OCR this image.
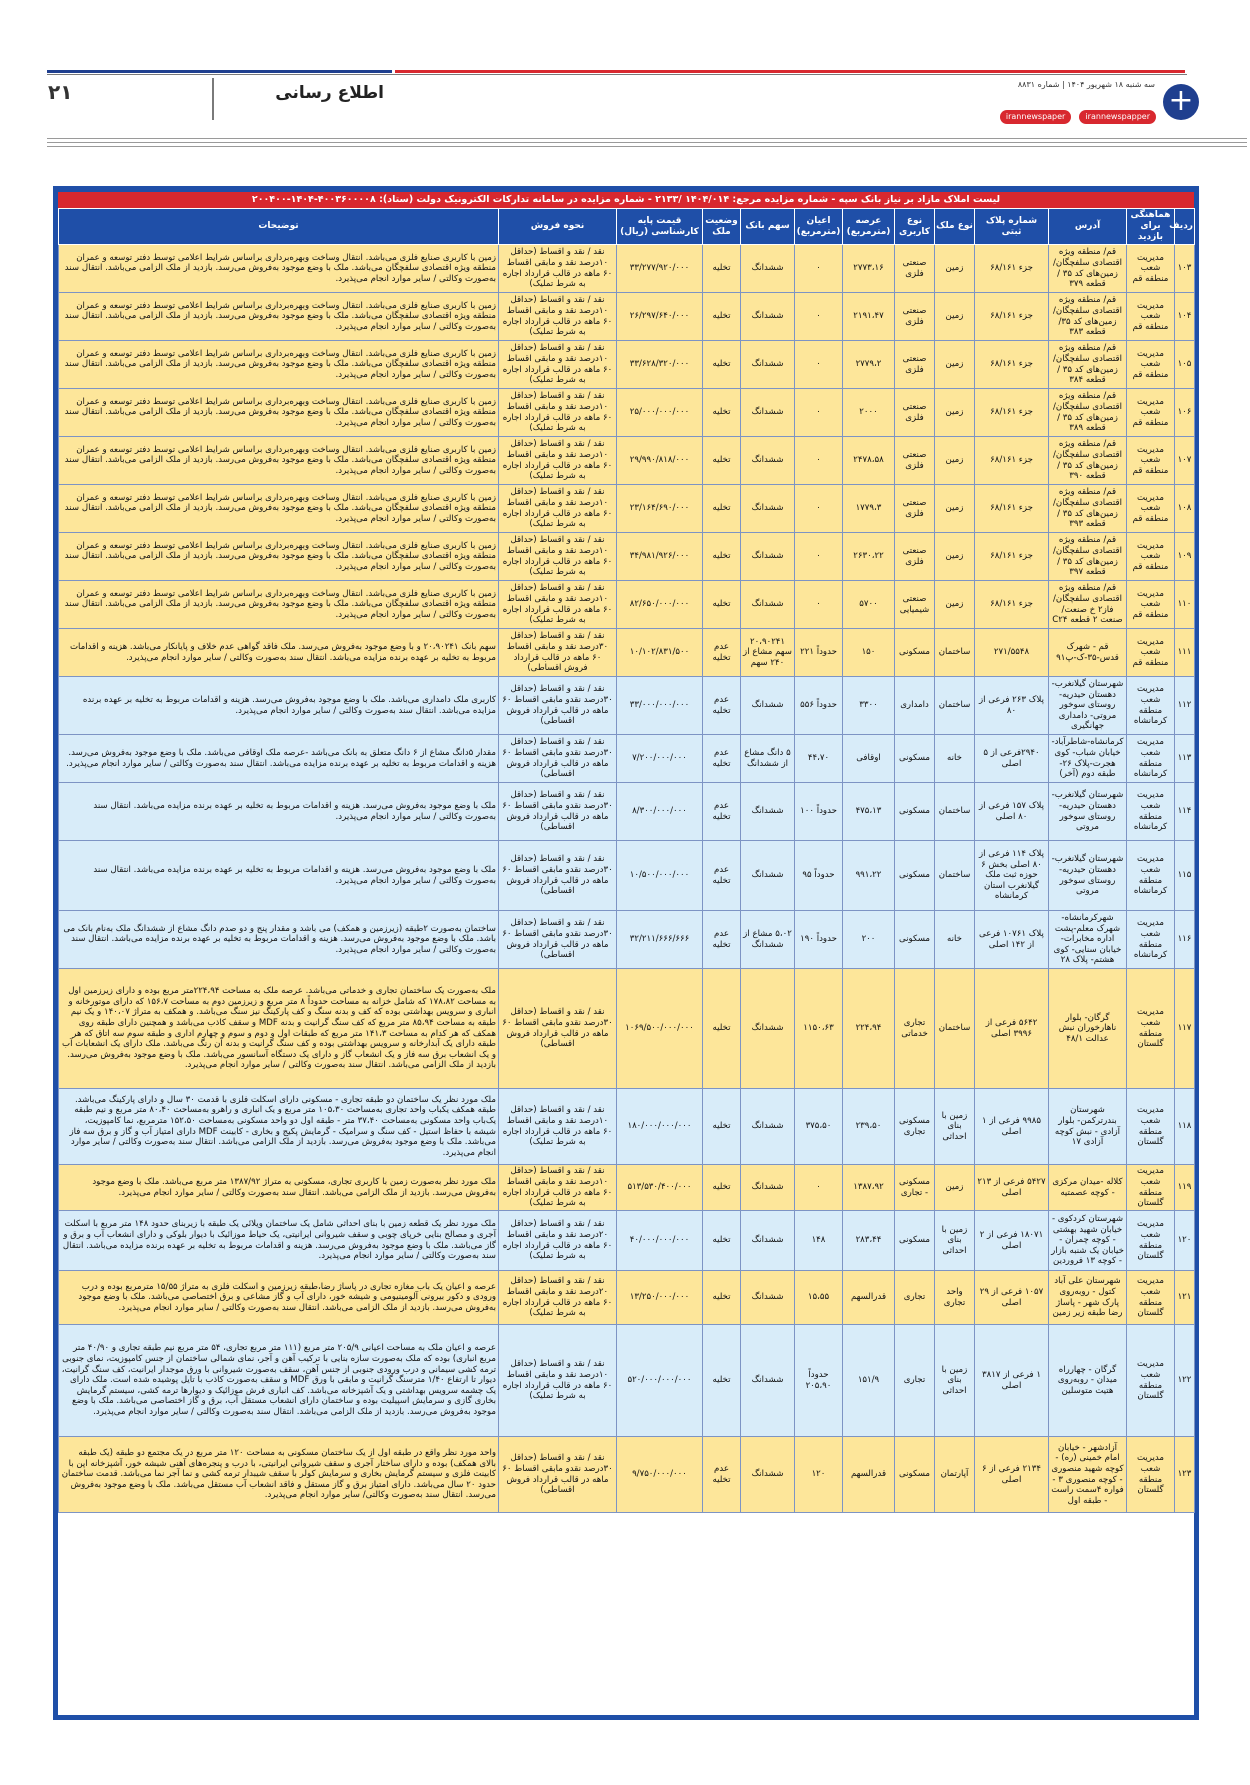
۲۱	اطلاع رسانی	+
سه شنبه ۱۸ شهریور ۱۴۰۴ | شماره ۸۸۳۱
irannewspapper irannewspaper
لیست املاک مازاد بر نیاز بانک سپه - شماره مزایده مرجع: ۱۴۰۴/۰۱۴ /۲۱۳۳ - شماره مزایده در سامانه تدارکات الکترونیک دولت (ستاد): ۴۰۰۳۶۰۰۰۰۸-۱۴۰۴-۲۰۰۴۰۰
ردیف	هماهنگی برای بازدید	آدرس	شماره پلاک ثبتی	نوع ملک	نوع کاربری	عرصه (مترمربع)	اعیان (مترمربع)	سهم بانک	وضعیت ملک	قیمت پایه کارشناسی (ریال)	نحوه فروش	توضیحات
۱۰۳	مدیریت شعب منطقه قم	قم/ منطقه ویژه اقتصادی سلفچگان/ زمین‌های کد ۳۵ / قطعه ۳۷۹	جزء ۶۸/۱۶۱	زمین	صنعتی فلزی	۲۷۷۳،۱۶	۰	ششدانگ	تخلیه	۳۳/۲۷۷/۹۲۰/۰۰۰	نقد / نقد و اقساط (حداقل ۱۰درصد نقد و مابقی اقساط ۶۰ ماهه در قالب قرارداد اجاره به شرط تملیک)	زمین با کاربری صنایع فلزی می‌باشد. انتقال وساخت وبهره‌برداری براساس شرایط اعلامی توسط دفتر توسعه و عمران منطقه ویژه اقتصادی سلفچگان می‌باشد. ملک با وضع موجود به‌فروش می‌رسد. بازدید از ملک الزامی می‌باشد. انتقال سند به‌صورت وکالتی / سایر موارد انجام می‌پذیرد.
۱۰۴	مدیریت شعب منطقه قم	قم/ منطقه ویژه اقتصادی سلفچگان/ زمین‌های کد ۳۵/ قطعه ۳۸۳	جزء ۶۸/۱۶۱	زمین	صنعتی فلزی	۲۱۹۱،۴۷	۰	ششدانگ	تخلیه	۲۶/۲۹۷/۶۴۰/۰۰۰	نقد / نقد و اقساط (حداقل ۱۰درصد نقد و مابقی اقساط ۶۰ ماهه در قالب قرارداد اجاره به شرط تملیک)	زمین با کاربری صنایع فلزی می‌باشد. انتقال وساخت وبهره‌برداری براساس شرایط اعلامی توسط دفتر توسعه و عمران منطقه ویژه اقتصادی سلفچگان می‌باشد. ملک با وضع موجود به‌فروش می‌رسد. بازدید از ملک الزامی می‌باشد. انتقال سند به‌صورت وکالتی / سایر موارد انجام می‌پذیرد.
۱۰۵	مدیریت شعب منطقه قم	قم/ منطقه ویژه اقتصادی سلفچگان/ زمین‌های کد ۳۵ / قطعه ۳۸۴	جزء ۶۸/۱۶۱	زمین	صنعتی فلزی	۲۷۷۹،۲	۰	ششدانگ	تخلیه	۳۳/۶۲۸/۳۲۰/۰۰۰	نقد / نقد و اقساط (حداقل ۱۰درصد نقد و مابقی اقساط ۶۰ ماهه در قالب قرارداد اجاره به شرط تملیک)	زمین با کاربری صنایع فلزی می‌باشد. انتقال وساخت وبهره‌برداری براساس شرایط اعلامی توسط دفتر توسعه و عمران منطقه ویژه اقتصادی سلفچگان می‌باشد. ملک با وضع موجود به‌فروش می‌رسد. بازدید از ملک الزامی می‌باشد. انتقال سند به‌صورت وکالتی / سایر موارد انجام می‌پذیرد.
۱۰۶	مدیریت شعب منطقه قم	قم/ منطقه ویژه اقتصادی سلفچگان/ زمین‌های کد ۳۵ / قطعه ۳۸۹	جزء ۶۸/۱۶۱	زمین	صنعتی فلزی	۲۰۰۰	۰	ششدانگ	تخلیه	۲۵/۰۰۰/۰۰۰/۰۰۰	نقد / نقد و اقساط (حداقل ۱۰درصد نقد و مابقی اقساط ۶۰ ماهه در قالب قرارداد اجاره به شرط تملیک)	زمین با کاربری صنایع فلزی می‌باشد. انتقال وساخت وبهره‌برداری براساس شرایط اعلامی توسط دفتر توسعه و عمران منطقه ویژه اقتصادی سلفچگان می‌باشد. ملک با وضع موجود به‌فروش می‌رسد. بازدید از ملک الزامی می‌باشد. انتقال سند به‌صورت وکالتی / سایر موارد انجام می‌پذیرد.
۱۰۷	مدیریت شعب منطقه قم	قم/ منطقه ویژه اقتصادی سلفچگان/ زمین‌های کد ۳۵ / قطعه ۳۹۰	جزء ۶۸/۱۶۱	زمین	صنعتی فلزی	۲۴۷۸،۵۸	۰	ششدانگ	تخلیه	۲۹/۹۹۰/۸۱۸/۰۰۰	نقد / نقد و اقساط (حداقل ۱۰درصد نقد و مابقی اقساط ۶۰ ماهه در قالب قرارداد اجاره به شرط تملیک)	زمین با کاربری صنایع فلزی می‌باشد. انتقال وساخت وبهره‌برداری براساس شرایط اعلامی توسط دفتر توسعه و عمران منطقه ویژه اقتصادی سلفچگان می‌باشد. ملک با وضع موجود به‌فروش می‌رسد. بازدید از ملک الزامی می‌باشد. انتقال سند به‌صورت وکالتی / سایر موارد انجام می‌پذیرد.
۱۰۸	مدیریت شعب منطقه قم	قم/ منطقه ویژه اقتصادی سلفچگان/ زمین‌های کد ۳۵ / قطعه ۳۹۳	جزء ۶۸/۱۶۱	زمین	صنعتی فلزی	۱۷۷۹،۳	۰	ششدانگ	تخلیه	۲۳/۱۶۴/۶۹۰/۰۰۰	نقد / نقد و اقساط (حداقل ۱۰درصد نقد و مابقی اقساط ۶۰ ماهه در قالب قرارداد اجاره به شرط تملیک)	زمین با کاربری صنایع فلزی می‌باشد. انتقال وساخت وبهره‌برداری براساس شرایط اعلامی توسط دفتر توسعه و عمران منطقه ویژه اقتصادی سلفچگان می‌باشد. ملک با وضع موجود به‌فروش می‌رسد. بازدید از ملک الزامی می‌باشد. انتقال سند به‌صورت وکالتی / سایر موارد انجام می‌پذیرد.
۱۰۹	مدیریت شعب منطقه قم	قم/ منطقه ویژه اقتصادی سلفچگان/ زمین‌های کد ۳۵ / قطعه ۳۹۷	جزء ۶۸/۱۶۱	زمین	صنعتی فلزی	۲۶۳۰،۲۲	۰	ششدانگ	تخلیه	۳۴/۹۸۱/۹۲۶/۰۰۰	نقد / نقد و اقساط (حداقل ۱۰درصد نقد و مابقی اقساط ۶۰ ماهه در قالب قرارداد اجاره به شرط تملیک)	زمین با کاربری صنایع فلزی می‌باشد. انتقال وساخت وبهره‌برداری براساس شرایط اعلامی توسط دفتر توسعه و عمران منطقه ویژه اقتصادی سلفچگان می‌باشد. ملک با وضع موجود به‌فروش می‌رسد. بازدید از ملک الزامی می‌باشد. انتقال سند به‌صورت وکالتی / سایر موارد انجام می‌پذیرد.
۱۱۰	مدیریت شعب منطقه قم	قم/ منطقه ویژه اقتصادی سلفچگان/ فاز۲ خ صنعت/ صنعت ۲ قطعه C۲۴	جزء ۶۸/۱۶۱	زمین	صنعتی شیمیایی	۵۷۰۰	۰	ششدانگ	تخلیه	۸۲/۶۵۰/۰۰۰/۰۰۰	نقد / نقد و اقساط (حداقل ۱۰درصد نقد و مابقی اقساط ۶۰ ماهه در قالب قرارداد اجاره به شرط تملیک)	زمین با کاربری صنایع فلزی می‌باشد. انتقال وساخت وبهره‌برداری براساس شرایط اعلامی توسط دفتر توسعه و عمران منطقه ویژه اقتصادی سلفچگان می‌باشد. ملک با وضع موجود به‌فروش می‌رسد. بازدید از ملک الزامی می‌باشد. انتقال سند به‌صورت وکالتی / سایر موارد انجام می‌پذیرد.
۱۱۱	مدیریت شعب منطقه قم	قم - شهرک قدس-۳۵-ک-پ۹۱	۲۷۱/۵۵۴۸	ساختمان	مسکونی	۱۵۰	حدوداً ۲۲۱	۲۰،۹۰۲۴۱ سهم مشاع از ۲۴۰ سهم	عدم تخلیه	۱۰/۱۰۲/۸۳۱/۵۰۰	نقد / نقد و اقساط (حداقل ۳۰درصد نقد و مابقی اقساط ۶۰ ماهه در قالب قرارداد فروش اقساطی)	سهم بانک ۲۰،۹۰۲۴۱ و با وضع موجود به‌فروش می‌رسد. ملک فاقد گواهی عدم خلاف و پایانکار می‌باشد. هزینه و اقدامات مربوط به تخلیه بر عهده برنده مزایده می‌باشد. انتقال سند به‌صورت وکالتی / سایر موارد انجام می‌پذیرد.
۱۱۲	مدیریت شعب منطقه کرمانشاه	شهرستان گیلانغرب- دهستان حیدریه- روستای سوخور مروتی- دامداری جهانگیری	پلاک ۲۶۳ فرعی از ۸۰	ساختمان	دامداری	۳۳۰۰	حدوداً ۵۵۶	ششدانگ	عدم تخلیه	۳۳/۰۰۰/۰۰۰/۰۰۰	نقد / نقد و اقساط (حداقل ۳۰درصد نقدو مابقی اقساط ۶۰ ماهه در قالب قرارداد فروش اقساطی)	کاربری ملک دامداری می‌باشد. ملک با وضع موجود به‌فروش می‌رسد. هزینه و اقدامات مربوط به تخلیه بر عهده برنده مزایده می‌باشد. انتقال سند به‌صورت وکالتی / سایر موارد انجام می‌پذیرد.
۱۱۳	مدیریت شعب منطقه کرمانشاه	کرمانشاه-شاطرآباد- خیابان شباب- کوی هجرت-پلاک ۲۶- طبقه دوم (آخر)	۲۹۴۰فرعی از ۵ اصلی	خانه	مسکونی	اوقافی	۴۴،۷۰	۵ دانگ مشاع از ششدانگ	عدم تخلیه	۷/۲۰۰/۰۰۰/۰۰۰	نقد / نقد و اقساط (حداقل ۳۰درصد نقدو مابقی اقساط ۶۰ ماهه در قالب قرارداد فروش اقساطی)	مقدار ۵دانگ مشاع از ۶ دانگ متعلق به بانک می‌باشد -عرصه ملک اوقافی می‌باشد. ملک با وضع موجود به‌فروش می‌رسد. هزینه و اقدامات مربوط به تخلیه بر عهده برنده مزایده می‌باشد. انتقال سند به‌صورت وکالتی / سایر موارد انجام می‌پذیرد.
۱۱۴	مدیریت شعب منطقه کرمانشاه	شهرستان گیلانغرب- دهستان حیدریه- روستای سوخور مروتی	پلاک ۱۵۷ فرعی از ۸۰ اصلی	ساختمان	مسکونی	۴۷۵،۱۳	حدوداً ۱۰۰	ششدانگ	عدم تخلیه	۸/۳۰۰/۰۰۰/۰۰۰	نقد / نقد و اقساط (حداقل ۳۰درصد نقدو مابقی اقساط ۶۰ ماهه در قالب قرارداد فروش اقساطی)	ملک با وضع موجود به‌فروش می‌رسد. هزینه و اقدامات مربوط به تخلیه بر عهده برنده مزایده می‌باشد. انتقال سند به‌صورت وکالتی / سایر موارد انجام می‌پذیرد.
۱۱۵	مدیریت شعب منطقه کرمانشاه	شهرستان گیلانغرب- دهستان حیدریه- روستای سوخور مروتی	پلاک ۱۱۴ فرعی از ۸۰ اصلی بخش ۶ حوزه ثبت ملک گیلانغرب استان کرمانشاه	ساختمان	مسکونی	۹۹۱،۲۲	حدوداً ۹۵	ششدانگ	عدم تخلیه	۱۰/۵۰۰/۰۰۰/۰۰۰	نقد / نقد و اقساط (حداقل ۳۰درصد نقدو مابقی اقساط ۶۰ ماهه در قالب قرارداد فروش اقساطی)	ملک با وضع موجود به‌فروش می‌رسد. هزینه و اقدامات مربوط به تخلیه بر عهده برنده مزایده می‌باشد. انتقال سند به‌صورت وکالتی / سایر موارد انجام می‌پذیرد.
۱۱۶	مدیریت شعب منطقه کرمانشاه	شهرکرمانشاه-شهرک معلم-پشت اداره مخابرات- خیابان سنایی- کوی هشتم- پلاک ۲۸	پلاک ۱۰۷۶۱ فرعی از ۱۴۲ اصلی	خانه	مسکونی	۲۰۰	حدوداً ۱۹۰	۵،۰۲ مشاع از ششدانگ	عدم تخلیه	۳۲/۲۱۱/۶۶۶/۶۶۶	نقد / نقد و اقساط (حداقل ۳۰درصد نقدو مابقی اقساط ۶۰ ماهه در قالب قرارداد فروش اقساطی)	ساختمان به‌صورت ۲طبقه (زیرزمین و همکف) می باشد و مقدار پنج و دو صدم دانگ مشاع از ششدانگ ملک به‌نام بانک می باشد. ملک با وضع موجود به‌فروش می‌رسد. هزینه و اقدامات مربوط به تخلیه بر عهده برنده مزایده می‌باشد. انتقال سند به‌صورت وکالتی / سایر موارد انجام می‌پذیرد.
۱۱۷	مدیریت شعب منطقه گلستان	گرگان- بلوار ناهارخوران نبش عدالت ۴۸/۱	۵۶۴۲ فرعی از ۳۹۹۶ اصلی	ساختمان	تجاری خدماتی	۲۲۴،۹۴	۱۱۵۰،۶۳	ششدانگ	تخلیه	۱۰۶۹/۵۰۰/۰۰۰/۰۰۰	نقد / نقد و اقساط (حداقل ۳۰درصد نقدو مابقی اقساط ۶۰ ماهه در قالب قرارداد فروش اقساطی)	ملک به‌صورت یک ساختمان تجاری و خدماتی می‌باشد. عرصه ملک به مساحت ۲۲۴،۹۴متر مربع بوده و دارای زیرزمین اول به مساحت ۱۷۸،۸۲ که شامل خزانه به مساحت حدوداً ۸ متر مربع و زیرزمین دوم به مساحت ۱۵۶،۷ که دارای موتورخانه و انباری و سرویس بهداشتی بوده که کف و بدنه سنگ و کف پارکینگ نیز سنگ می‌باشد. و همکف به متراژ ۱۴۰،۰۷ و یک نیم طبقه به مساحت ۸۵،۹۴ متر مربع که کف سنگ گرانیت و بدنه MDF و سقف کاذب می‌باشد و همچنین دارای طبقه روی همکف که هر کدام به مساحت ۱۴۱،۳ متر مربع که طبقات اول و دوم و سوم و چهارم اداری و طبقه سوم سه اتاق که هر طبقه دارای یک آبدارخانه و سرویس بهداشتی بوده و کف سنگ گرانیت و بدنه آن رنگ می‌باشد. ملک دارای یک انشعابات آب و یک انشعاب برق سه فاز و یک انشعاب گاز و دارای یک دستگاه آسانسور می‌باشد. ملک با وضع موجود به‌فروش می‌رسد. بازدید از ملک الزامی می‌باشد. انتقال سند به‌صورت وکالتی / سایر موارد انجام می‌پذیرد.
۱۱۸	مدیریت شعب منطقه گلستان	شهرستان بندرترکمن- بلوار آزادی - نبش کوچه آزادی ۱۷	۹۹۸۵ فرعی از ۱ اصلی	زمین با بنای احداثی	مسکونی تجاری	۲۳۹،۵۰	۳۷۵،۵۰	ششدانگ	تخلیه	۱۸۰/۰۰۰/۰۰۰/۰۰۰	نقد / نقد و اقساط (حداقل ۱۰درصد نقد و مابقی اقساط ۶۰ ماهه در قالب قرارداد اجاره به شرط تملیک)	ملک مورد نظر یک ساختمان دو طبقه تجاری - مسکونی دارای اسکلت فلزی با قدمت ۳۰ سال و دارای پارکینگ می‌باشد. طبقه همکف یکباب واحد تجاری به‌مساحت ۱۰۵،۳۰ متر مربع و یک انباری و راهرو به‌مساحت ۸۰،۴۰ متر مربع و نیم طبقه یک‌باب واحد مسکونی به‌مساحت ۳۷،۴۰ متر - طبقه اول دو واحد مسکونی به‌مساحت ۱۵۲،۵۰ مترمربع، نما کامپوزیت، شیشه با حفاظ استیل - کف سنگ و سرامیک - گرمایش پکیج و بخاری - کابینت MDF دارای امتیاز آب و گاز و برق سه فاز می‌باشد. ملک با وضع موجود به‌فروش می‌رسد. بازدید از ملک الزامی می‌باشد. انتقال سند به‌صورت وکالتی / سایر موارد انجام می‌پذیرد.
۱۱۹	مدیریت شعب منطقه گلستان	کلاله -میدان مرکزی - کوچه عصمتیه	۵۴۲۷ فرعی از ۲۱۳ اصلی	زمین	مسکونی - تجاری	۱۳۸۷،۹۲	۰	ششدانگ	تخلیه	۵۱۳/۵۳۰/۴۰۰/۰۰۰	نقد / نقد و اقساط (حداقل ۱۰درصد نقد و مابقی اقساط ۶۰ ماهه در قالب قرارداد اجاره به شرط تملیک)	ملک مورد نظر به‌صورت زمین با کاربری تجاری، مسکونی به متراژ ۱۳۸۷/۹۲ متر مربع می‌باشد. ملک با وضع موجود به‌فروش می‌رسد. بازدید از ملک الزامی می‌باشد. انتقال سند به‌صورت وکالتی / سایر موارد انجام می‌پذیرد.
۱۲۰	مدیریت شعب منطقه گلستان	شهرستان کردکوی - خیابان شهید بهشتی - کوچه چمران - خیابان یک شنبه بازار - کوچه ۱۳ فروردین	۱۸۰۷۱ فرعی از ۲ اصلی	زمین با بنای احداثی	مسکونی	۲۸۳،۴۴	۱۴۸	ششدانگ	تخلیه	۴۰/۰۰۰/۰۰۰/۰۰۰	نقد / نقد و اقساط (حداقل ۲۰درصد نقد و مابقی اقساط ۶۰ ماهه در قالب قرارداد اجاره به شرط تملیک)	ملک مورد نظر یک قطعه زمین با بنای احداثی شامل یک ساختمان ویلائی یک طبقه با زیربنای حدود ۱۴۸ متر مربع با اسکلت آجری و مصالح بنایی خرپای چوبی و سقف شیروانی ایرانیتی، یک حیاط موزائیک با دیوار بلوکی و دارای انشعاب آب و برق و گاز می‌باشد. ملک با وضع موجود به‌فروش می‌رسد. هزینه و اقدامات مربوط به تخلیه بر عهده برنده مزایده می‌باشد. انتقال سند به‌صورت وکالتی / سایر موارد انجام می‌پذیرد.
۱۲۱	مدیریت شعب منطقه گلستان	شهرستان علی آباد کتول - روبه‌روی پارک شهر - پاساژ رضا طبقه زیر زمین	۱۰۵۷ فرعی از ۲۹ اصلی	واحد تجاری	تجاری	قدرالسهم	۱۵،۵۵	ششدانگ	تخلیه	۱۳/۲۵۰/۰۰۰/۰۰۰	نقد / نقد و اقساط (حداقل ۲۰درصد نقد و مابقی اقساط ۶۰ ماهه در قالب قرارداد اجاره به شرط تملیک)	عرصه و اعیان یک باب مغازه تجاری در پاساژ رضا،طبقه زیرزمین و اسکلت فلزی به متراژ ۱۵/۵۵ مترمربع بوده و درب ورودی و دکور بیرونی آلومینیومی و شیشه خور، دارای آب و گاز مشاعی و برق اختصاصی می‌باشد. ملک با وضع موجود به‌فروش می‌رسد. بازدید از ملک الزامی می‌باشد. انتقال سند به‌صورت وکالتی / سایر موارد انجام می‌پذیرد.
۱۲۲	مدیریت شعب منطقه گلستان	گرگان - چهارراه میدان - روبه‌روی هتیت متوسلین	۱ فرعی از ۳۸۱۷ اصلی	زمین با بنای احداثی	تجاری	۱۵۱/۹	حدوداً ۲۰۵،۹۰	ششدانگ	تخلیه	۵۲۰/۰۰۰/۰۰۰/۰۰۰	نقد / نقد و اقساط (حداقل ۱۰درصد نقد و مابقی اقساط ۶۰ ماهه در قالب قرارداد اجاره به شرط تملیک)	عرصه و اعیان ملک به مساحت اعیانی ۲۰۵/۹ متر مربع (۱۱۱ متر مربع تجاری، ۵۴ متر مربع نیم طبقه تجاری و ۴۰/۹۰ متر مربع انباری) بوده که ملک به‌صورت سازه بنایی با ترکیب آهن و آجر، نمای شمالی ساختمان از جنس کامپوزیت، نمای جنوبی ترمه کشی سیمانی و درب ورودی جنوبی از جنس آهن، سقف به‌صورت شیروانی با ورق موجدار ایرانیت، کف سنگ گرانیت، دیوار تا ارتفاع ۱/۴۰ مترسنگ گرانیت و مابقی با ورق MDF و سقف به‌صورت کاذب با تایل پوشیده شده است. ملک دارای یک چشمه سرویس بهداشتی و یک آشپزخانه می‌باشد. کف انباری فرش موزائیک و دیوارها ترمه کشی، سیستم گرمایش بخاری گازی و سرمایش اسپیلیت بوده و ساختمان دارای انشعاب مستقل آب، برق و گاز اختصاصی می‌باشد. ملک با وضع موجود به‌فروش می‌رسد. بازدید از ملک الزامی می‌باشد. انتقال سند به‌صورت وکالتی / سایر موارد انجام می‌پذیرد.
۱۲۳	مدیریت شعب منطقه گلستان	آزادشهر - خیابان امام خمینی (ره) - کوچه شهید منصوری - کوچه منصوری ۳ - فواره ۴سمت راست - طبقه اول	۲۱۳۴ فرعی از ۶ اصلی	آپارتمان	مسکونی	قدرالسهم	۱۲۰	ششدانگ	عدم تخلیه	۹/۷۵۰/۰۰۰/۰۰۰	نقد / نقد و اقساط (حداقل ۳۰درصد نقدو مابقی اقساط ۶۰ ماهه در قالب قرارداد فروش اقساطی)	واحد مورد نظر واقع در طبقه اول از یک ساختمان مسکونی به مساحت ۱۲۰ متر مربع در یک مجتمع دو طبقه (یک طبقه بالای همکف) بوده و دارای ساختار آجری و سقف شیروانی ایرانیتی، با درب و پنجره‌های آهنی شیشه خور، آشپزخانه اپن با کابینت فلزی و سیستم گرمایش بخاری و سرمایش کولر با سقف شیبدار ترمه کشی و نما آجر نما می‌باشد. قدمت ساختمان حدود ۲۰ سال می‌باشد. دارای امتیاز برق و گاز مستقل و فاقد انشعاب آب مستقل می‌باشد. ملک با وضع موجود به‌فروش می‌رسد. انتقال سند به‌صورت وکالتی/ سایر موارد انجام می‌پذیرد.
